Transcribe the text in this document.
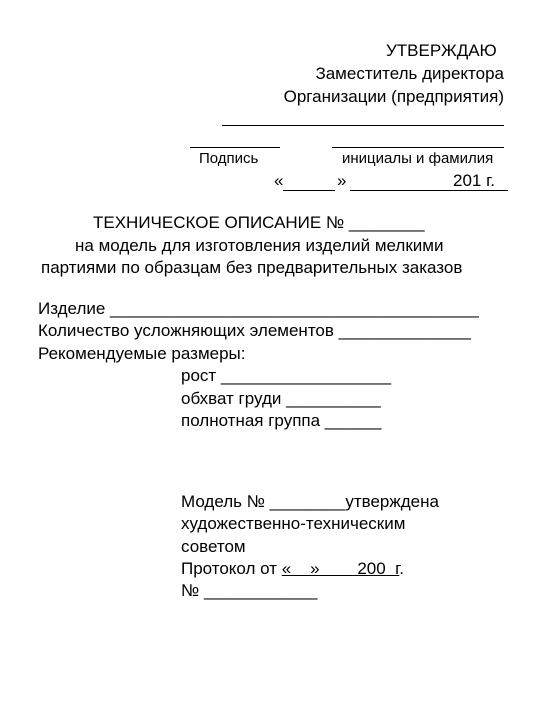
УТВЕРЖДАЮ
Заместитель директора
Организации (предприятия)
Подпись	инициалы и фамилия
«	»	201 г.
ТЕХНИЧЕСКОЕ ОПИСАНИЕ № ________
на модель для изготовления изделий мелкими
партиями по образцам без предварительных заказов
Изделие _______________________________________
Количество усложняющих элементов ______________
Рекомендуемые размеры:
рост __________________
обхват груди __________
полнотная группа ______
Модель № ________утверждена
художественно-техническим
советом
Протокол от «    »        200  г.
№ ____________
